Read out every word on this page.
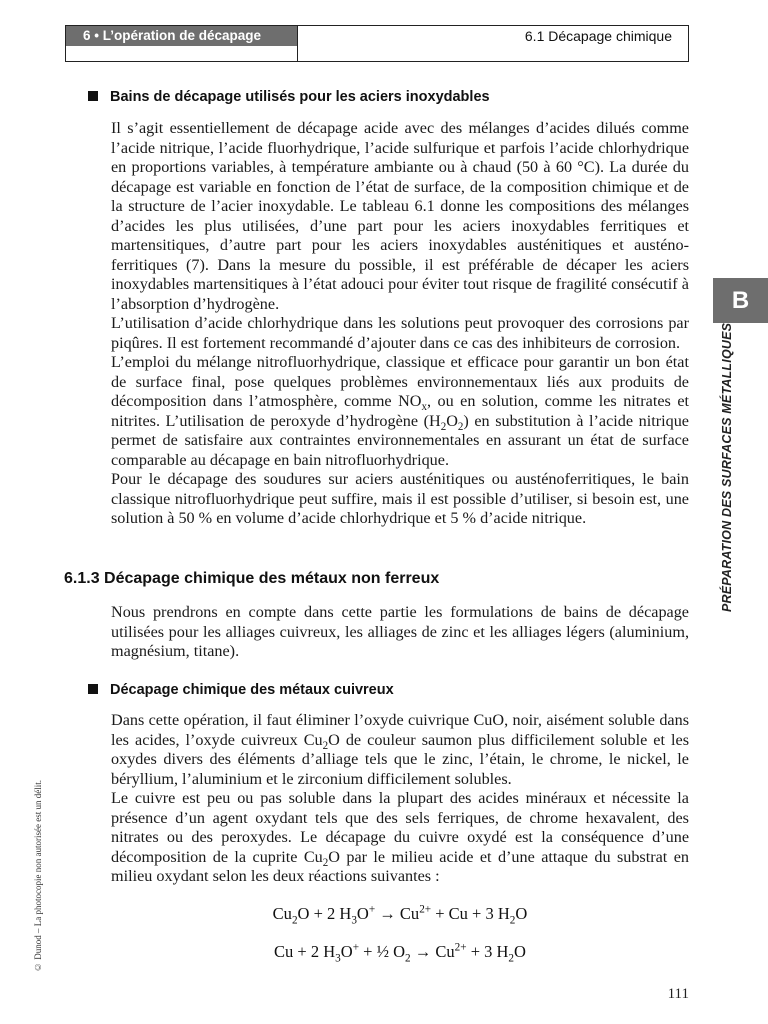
6 • L’opération de décapage	6.1 Décapage chimique
B
PRÉPARATION DES SURFACES MÉTALLIQUES
© Dunod – La photocopie non autorisée est un délit.
Bains de décapage utilisés pour les aciers inoxydables

Il s’agit essentiellement de décapage acide avec des mélanges d’acides dilués comme l’acide nitrique, l’acide fluorhydrique, l’acide sulfurique et parfois l’acide chlorhydrique en proportions variables, à température ambiante ou à chaud (50 à 60 °C). La durée du décapage est variable en fonction de l’état de surface, de la composition chimique et de la structure de l’acier inoxydable. Le tableau 6.1 donne les compositions des mélanges d’acides les plus utilisées, d’une part pour les aciers inoxydables ferritiques et martensitiques, d’autre part pour les aciers inoxydables austénitiques et austéno-ferritiques (7). Dans la mesure du possible, il est préférable de décaper les aciers inoxydables martensitiques à l’état adouci pour éviter tout risque de fragilité consécutif à l’absorption d’hydrogène.

L’utilisation d’acide chlorhydrique dans les solutions peut provoquer des corrosions par piqûres. Il est fortement recommandé d’ajouter dans ce cas des inhibiteurs de corrosion.

L’emploi du mélange nitrofluorhydrique, classique et efficace pour garantir un bon état de surface final, pose quelques problèmes environnementaux liés aux produits de décomposition dans l’atmosphère, comme $NO_x$, ou en solution, comme les nitrates et nitrites. L’utilisation de peroxyde d’hydrogène $(H_2O_2)$ en substitution à l’acide nitrique permet de satisfaire aux contraintes environnementales en assurant un état de surface comparable au décapage en bain nitrofluorhydrique.

Pour le décapage des soudures sur aciers austénitiques ou austénoferritiques, le bain classique nitrofluorhydrique peut suffire, mais il est possible d’utiliser, si besoin est, une solution à 50 % en volume d’acide chlorhydrique et 5 % d’acide nitrique.

6.1.3 Décapage chimique des métaux non ferreux

Nous prendrons en compte dans cette partie les formulations de bains de décapage utilisées pour les alliages cuivreux, les alliages de zinc et les alliages légers (aluminium, magnésium, titane).

Décapage chimique des métaux cuivreux

Dans cette opération, il faut éliminer l’oxyde cuivrique CuO, noir, aisément soluble dans les acides, l’oxyde cuivreux $Cu_2O$ de couleur saumon plus difficilement soluble et les oxydes divers des éléments d’alliage tels que le zinc, l’étain, le chrome, le nickel, le béryllium, l’aluminium et le zirconium difficilement solubles.

Le cuivre est peu ou pas soluble dans la plupart des acides minéraux et nécessite la présence d’un agent oxydant tels que des sels ferriques, de chrome hexavalent, des nitrates ou des peroxydes. Le décapage du cuivre oxydé est la conséquence d’une décomposition de la cuprite $Cu_2O$ par le milieu acide et d’une attaque du substrat en milieu oxydant selon les deux réactions suivantes :

$Cu_2O + 2$ $H_3O^+ \to Cu^{2+} + Cu + 3$ $H_2O$
Cu + 2 $H_3O^+$ + ½ $O_2 \to Cu^{2+} + 3$ $H_2O$
111
